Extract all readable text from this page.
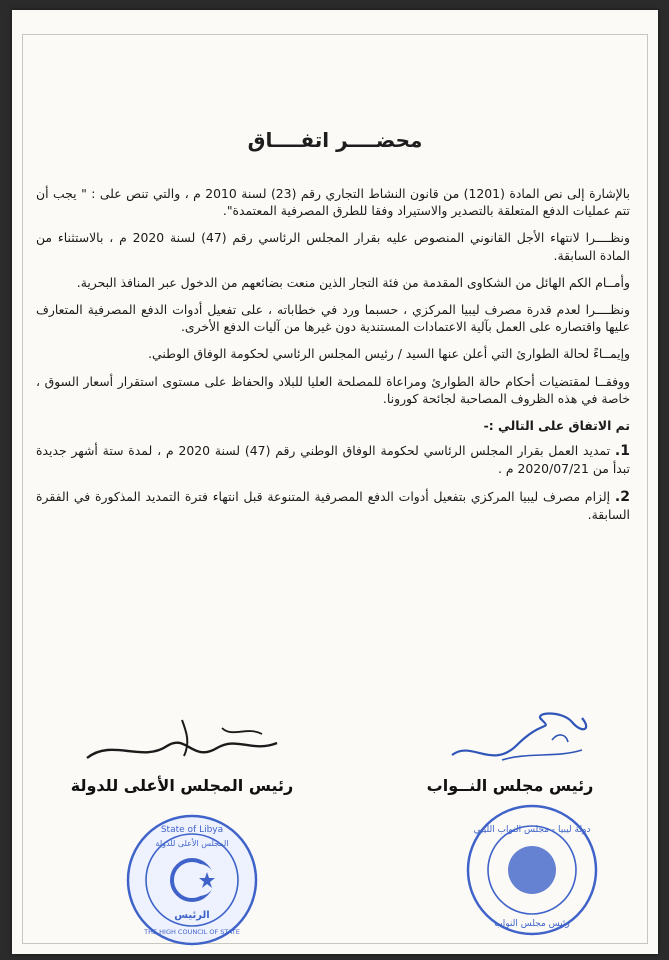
محضــــر اتفــــاق

بالإشارة إلى نص المادة (1201) من قانون النشاط التجاري رقم (23) لسنة 2010 م ، والتي تنص على : " يجب أن تتم عمليات الدفع المتعلقة بالتصدير والاستيراد وفقا للطرق المصرفية المعتمدة".

ونظــــرا لانتهاء الأجل القانوني المنصوص عليه بقرار المجلس الرئاسي رقم (47) لسنة 2020 م ، بالاستثناء من المادة السابقة.

وأمــام الكم الهائل من الشكاوى المقدمة من فئة التجار الذين منعت بضائعهم من الدخول عبر المنافذ البحرية.

ونظــــرا لعدم قدرة مصرف ليبيا المركزي ، حسبما ورد في خطاباته ، على تفعيل أدوات الدفع المصرفية المتعارف عليها واقتصاره على العمل بآلية الاعتمادات المستندية دون غيرها من آليات الدفع الأخرى.

وإيمــاءً لحالة الطوارئ التي أعلن عنها السيد / رئيس المجلس الرئاسي لحكومة الوفاق الوطني.

ووفقــا لمقتضيات أحكام حالة الطوارئ ومراعاة للمصلحة العليا للبلاد والحفاظ على مستوى استقرار أسعار السوق ، خاصة في هذه الظروف المصاحبة لجائحة كورونا.

تم الاتفاق على التالي :-

1. تمديد العمل بقرار المجلس الرئاسي لحكومة الوفاق الوطني رقم (47) لسنة 2020 م ، لمدة ستة أشهر جديدة تبدأ من 2020/07/21 م .

2. إلزام مصرف ليبيا المركزي بتفعيل أدوات الدفع المصرفية المتنوعة قبل انتهاء فترة التمديد المذكورة في الفقرة السابقة.

رئيس مجلس النــواب
رئيس المجلس الأعلى للدولة
دولة ليبيا - مجلس النواب الليبي
رئيس مجلس النواب
State of Libya
المجلس الأعلى للدولة
الرئيس
THE HIGH COUNCIL OF STATE
